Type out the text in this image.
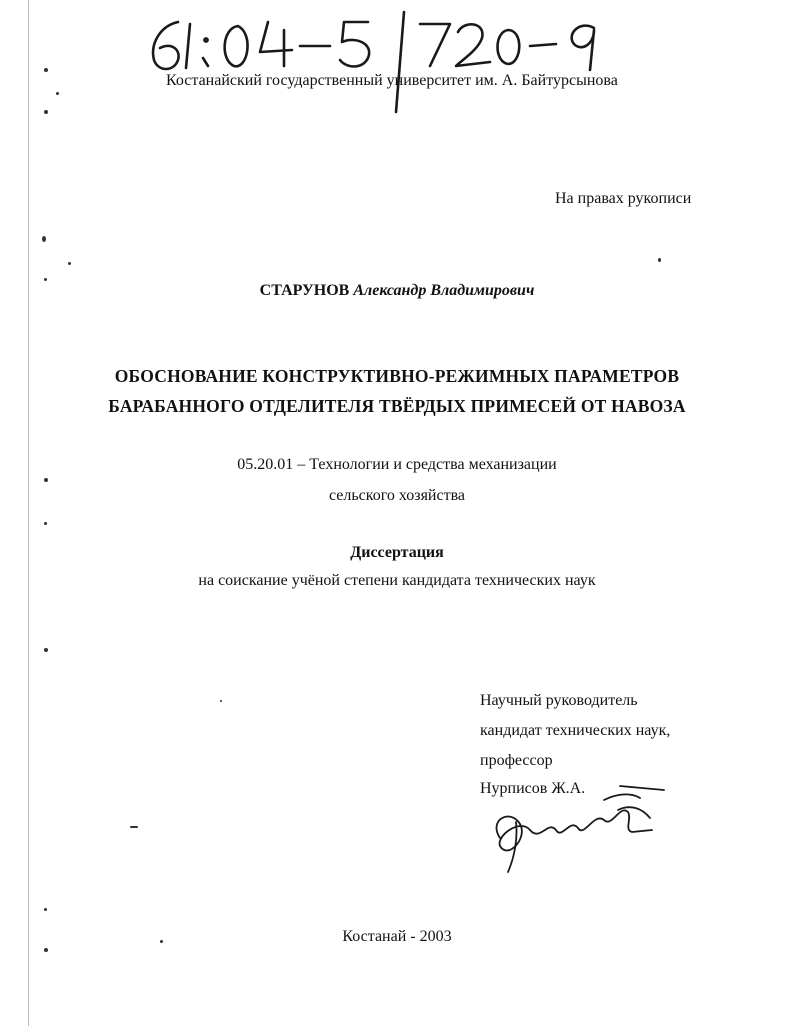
Костанайский государственный университет им. А. Байтурсынова
На правах рукописи
СТАРУНОВ Александр Владимирович
ОБОСНОВАНИЕ КОНСТРУКТИВНО-РЕЖИМНЫХ ПАРАМЕТРОВ
БАРАБАННОГО ОТДЕЛИТЕЛЯ ТВЁРДЫХ ПРИМЕСЕЙ ОТ НАВОЗА
05.20.01 – Технологии и средства механизации
сельского хозяйства
Диссертация
на соискание учёной степени кандидата технических наук
Научный руководитель
кандидат технических наук,
профессор
Нурписов Ж.А.
Костанай - 2003
